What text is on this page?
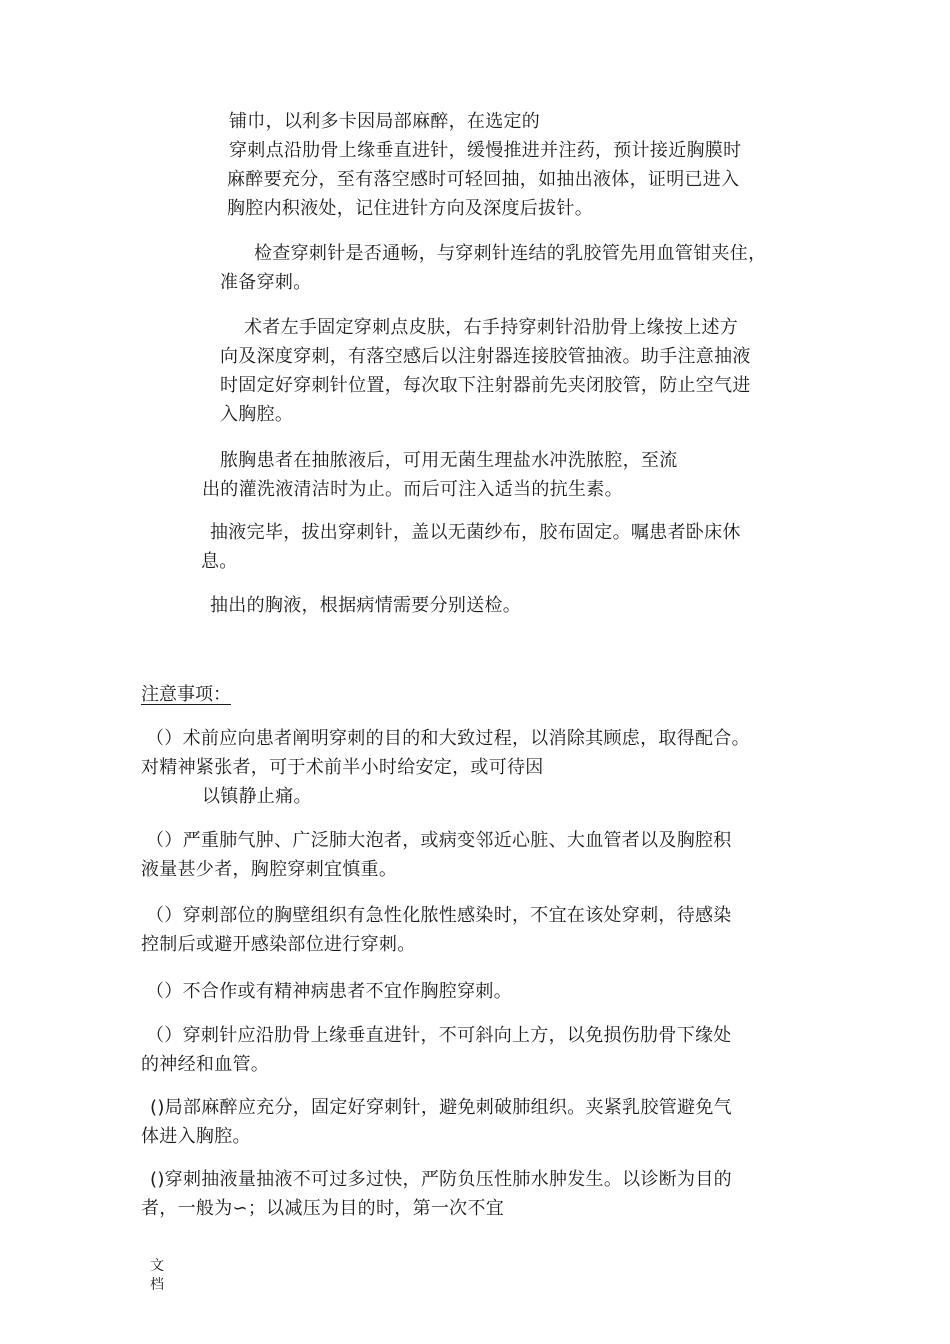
铺巾，以利多卡因局部麻醉，在选定的
穿刺点沿肋骨上缘垂直进针，缓慢推进并注药，预计接近胸膜时
麻醉要充分，至有落空感时可轻回抽，如抽出液体，证明已进入
胸腔内积液处，记住进针方向及深度后拔针。
检查穿刺针是否通畅，与穿刺针连结的乳胶管先用血管钳夹住，
准备穿刺。
术者左手固定穿刺点皮肤，右手持穿刺针沿肋骨上缘按上述方
向及深度穿刺，有落空感后以注射器连接胶管抽液。助手注意抽液
时固定好穿刺针位置，每次取下注射器前先夹闭胶管，防止空气进
入胸腔。
脓胸患者在抽脓液后，可用无菌生理盐水冲洗脓腔，至流
出的灌洗液清洁时为止。而后可注入适当的抗生素。
抽液完毕，拔出穿刺针，盖以无菌纱布，胶布固定。嘱患者卧床休
息。
抽出的胸液，根据病情需要分别送检。
注意事项：
（）术前应向患者阐明穿刺的目的和大致过程，以消除其顾虑，取得配合。
对精神紧张者，可于术前半小时给安定，或可待因
以镇静止痛。
（）严重肺气肿、广泛肺大泡者，或病变邻近心脏、大血管者以及胸腔积
液量甚少者，胸腔穿刺宜慎重。
（）穿刺部位的胸壁组织有急性化脓性感染时，不宜在该处穿刺，待感染
控制后或避开感染部位进行穿刺。
（）不合作或有精神病患者不宜作胸腔穿刺。
（）穿刺针应沿肋骨上缘垂直进针，不可斜向上方，以免损伤肋骨下缘处
的神经和血管。
()局部麻醉应充分，固定好穿刺针，避免刺破肺组织。夹紧乳胶管避免气
体进入胸腔。
()穿刺抽液量抽液不可过多过快，严防负压性肺水肿发生。以诊断为目的
者，一般为∽；以减压为目的时，第一次不宜
文
档
